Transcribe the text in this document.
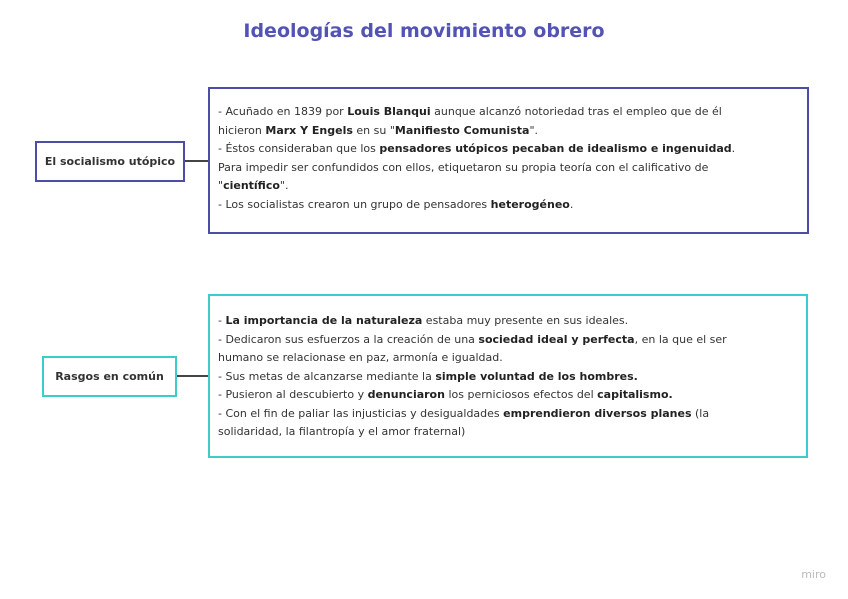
Ideologías del movimiento obrero
El socialismo utópico
- Acuñado en 1839 por Louis Blanqui aunque alcanzó notoriedad tras el empleo que de él
hicieron Marx Y Engels en su "Manifiesto Comunista".
- Éstos consideraban que los pensadores utópicos pecaban de idealismo e ingenuidad.
Para impedir ser confundidos con ellos, etiquetaron su propia teoría con el calificativo de
"científico".
- Los socialistas crearon un grupo de pensadores heterogéneo.
Rasgos en común
- La importancia de la naturaleza estaba muy presente en sus ideales.
- Dedicaron sus esfuerzos a la creación de una sociedad ideal y perfecta, en la que el ser
humano se relacionase en paz, armonía e igualdad.
- Sus metas de alcanzarse mediante la simple voluntad de los hombres.
- Pusieron al descubierto y denunciaron los perniciosos efectos del capitalismo.
- Con el fin de paliar las injusticias y desigualdades emprendieron diversos planes (la
solidaridad, la filantropía y el amor fraternal)
miro
